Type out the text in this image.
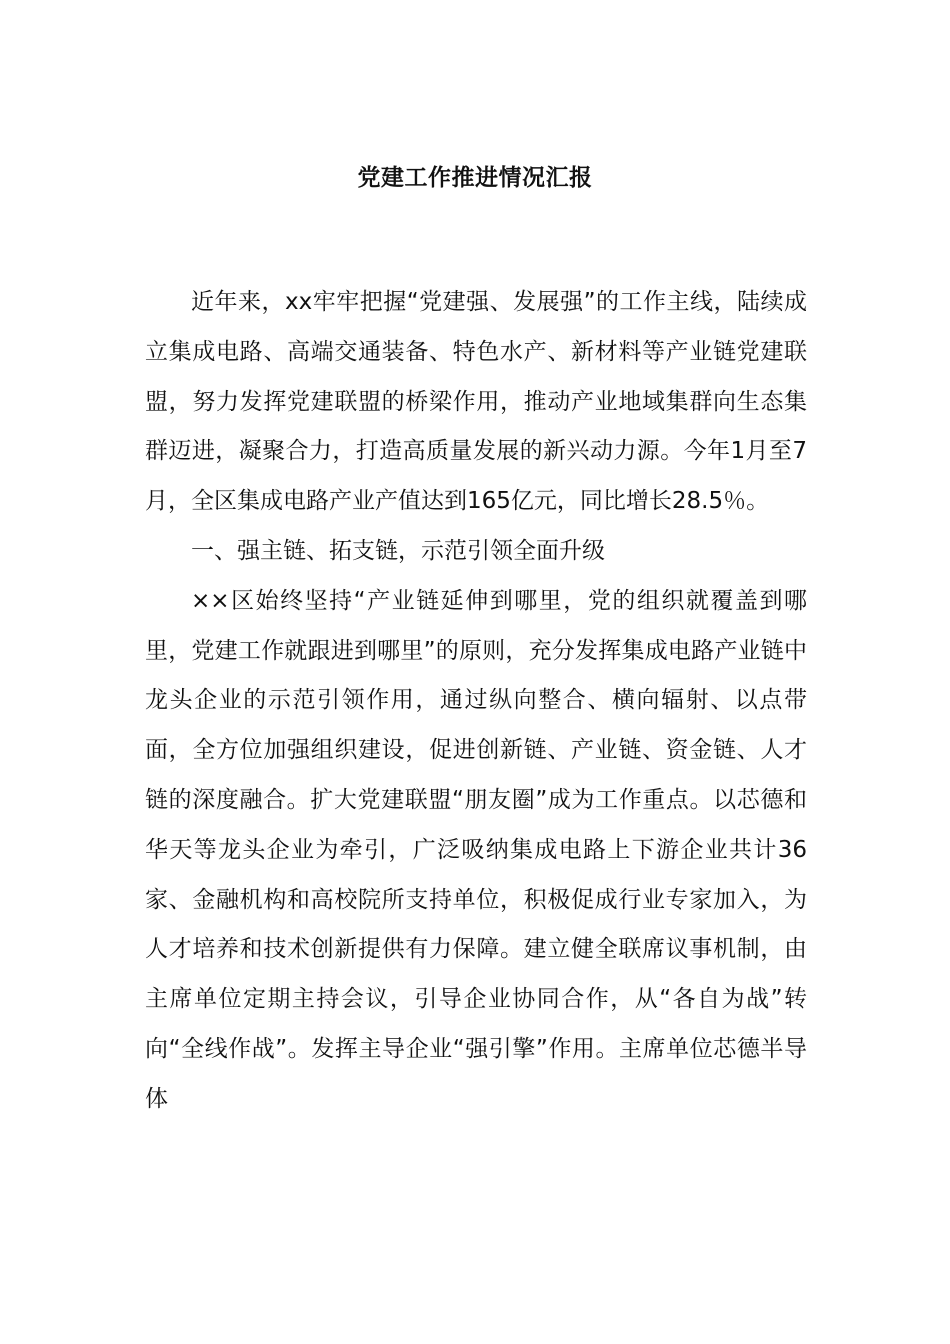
党建工作推进情况汇报

近年来，xx牢牢把握“党建强、发展强”的工作主线，陆续成立集成电路、高端交通装备、特色水产、新材料等产业链党建联盟，努力发挥党建联盟的桥梁作用，推动产业地域集群向生态集群迈进，凝聚合力，打造高质量发展的新兴动力源。今年1月至7月，全区集成电路产业产值达到165亿元，同比增长28.5％。

一、强主链、拓支链，示范引领全面升级

××区始终坚持“产业链延伸到哪里，党的组织就覆盖到哪里，党建工作就跟进到哪里”的原则，充分发挥集成电路产业链中龙头企业的示范引领作用，通过纵向整合、横向辐射、以点带面，全方位加强组织建设，促进创新链、产业链、资金链、人才链的深度融合。扩大党建联盟“朋友圈”成为工作重点。以芯德和华天等龙头企业为牵引，广泛吸纳集成电路上下游企业共计36家、金融机构和高校院所支持单位，积极促成行业专家加入，为人才培养和技术创新提供有力保障。建立健全联席议事机制，由主席单位定期主持会议，引导企业协同合作，从“各自为战”转向“全线作战”。发挥主导企业“强引擎”作用。主席单位芯德半导体
